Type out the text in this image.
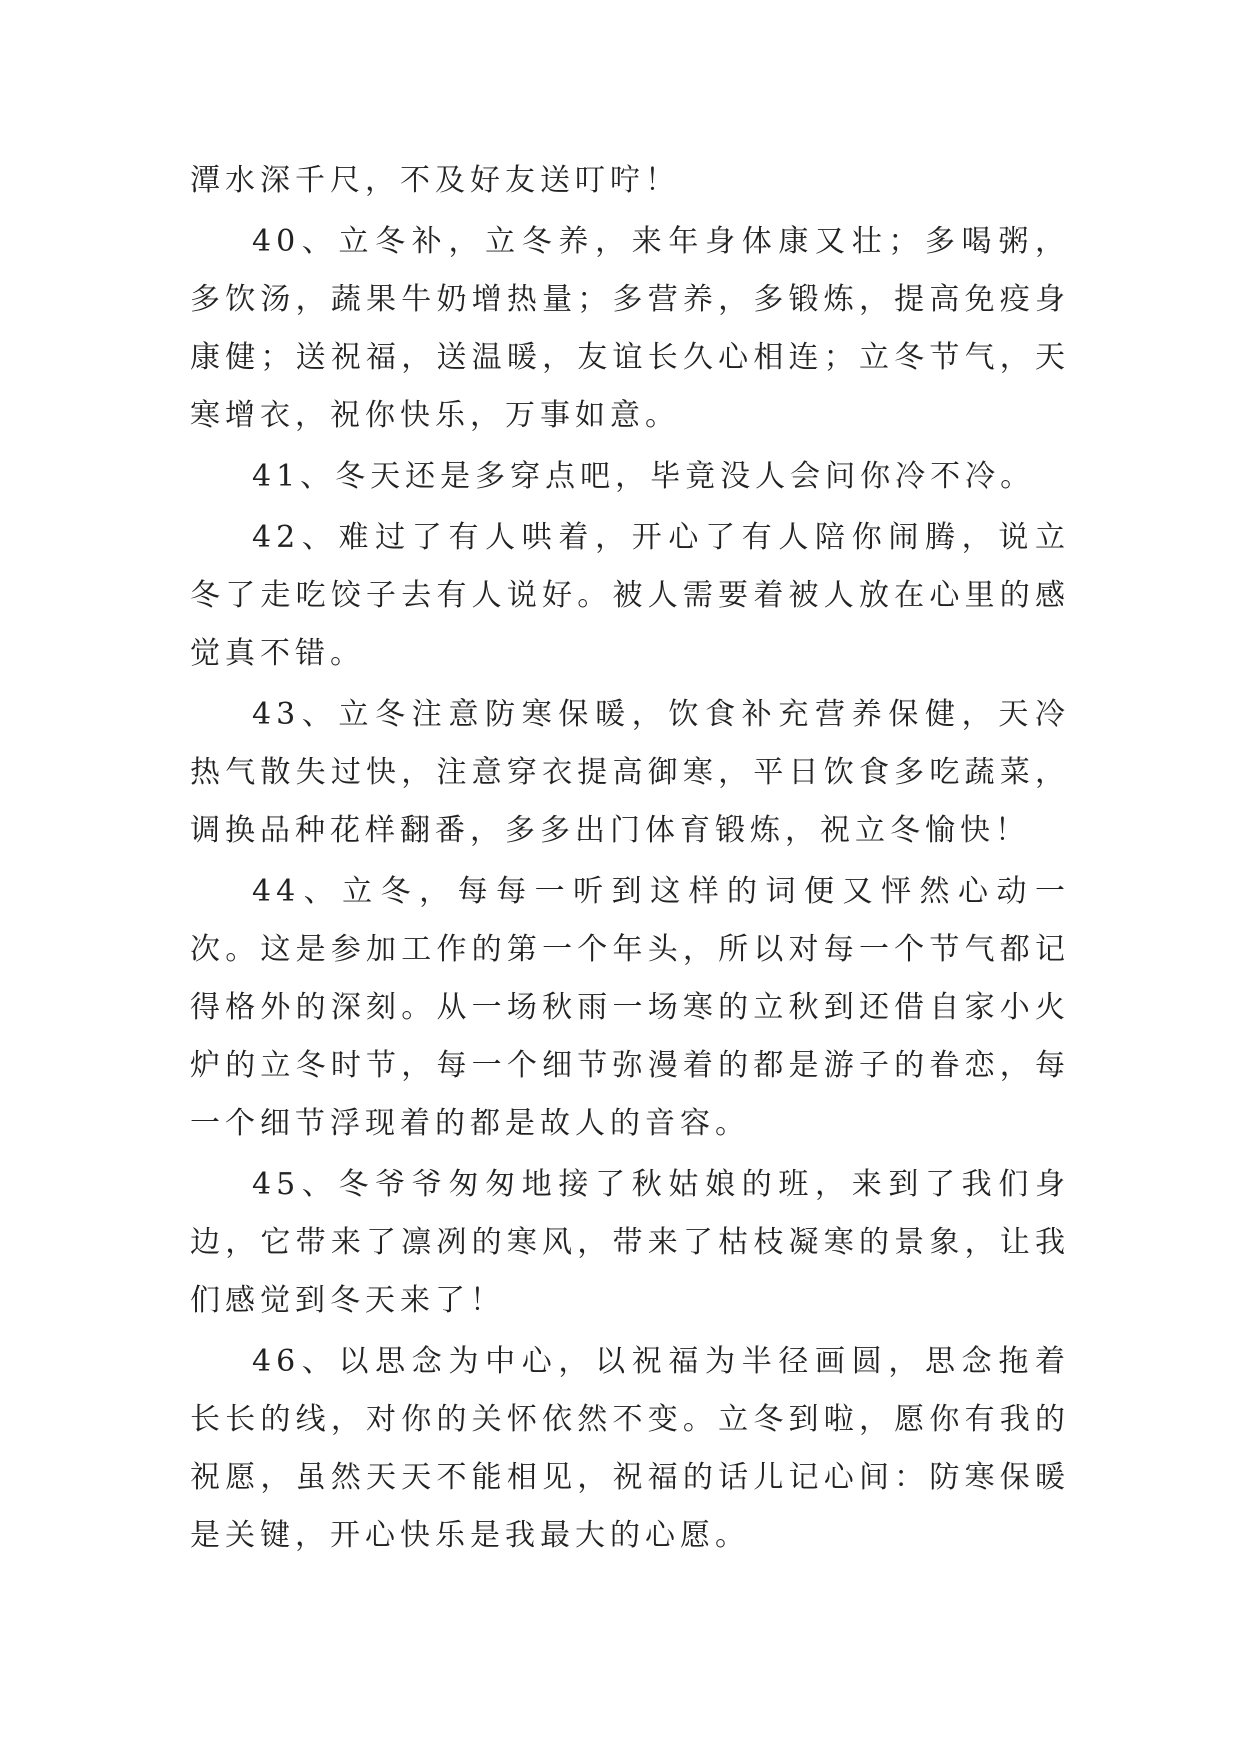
潭水深千尺，不及好友送叮咛！

40、立冬补，立冬养，来年身体康又壮；多喝粥，多饮汤，蔬果牛奶增热量；多营养，多锻炼，提高免疫身康健；送祝福，送温暖，友谊长久心相连；立冬节气，天寒增衣，祝你快乐，万事如意。

41、冬天还是多穿点吧，毕竟没人会问你冷不冷。

42、难过了有人哄着，开心了有人陪你闹腾，说立冬了走吃饺子去有人说好。被人需要着被人放在心里的感觉真不错。

43、立冬注意防寒保暖，饮食补充营养保健，天冷热气散失过快，注意穿衣提高御寒，平日饮食多吃蔬菜，调换品种花样翻番，多多出门体育锻炼，祝立冬愉快！

44、立冬，每每一听到这样的词便又怦然心动一次。这是参加工作的第一个年头，所以对每一个节气都记得格外的深刻。从一场秋雨一场寒的立秋到还借自家小火炉的立冬时节，每一个细节弥漫着的都是游子的眷恋，每一个细节浮现着的都是故人的音容。

45、冬爷爷匆匆地接了秋姑娘的班，来到了我们身边，它带来了凛冽的寒风，带来了枯枝凝寒的景象，让我们感觉到冬天来了！

46、以思念为中心，以祝福为半径画圆，思念拖着长长的线，对你的关怀依然不变。立冬到啦，愿你有我的祝愿，虽然天天不能相见，祝福的话儿记心间：防寒保暖是关键，开心快乐是我最大的心愿。
